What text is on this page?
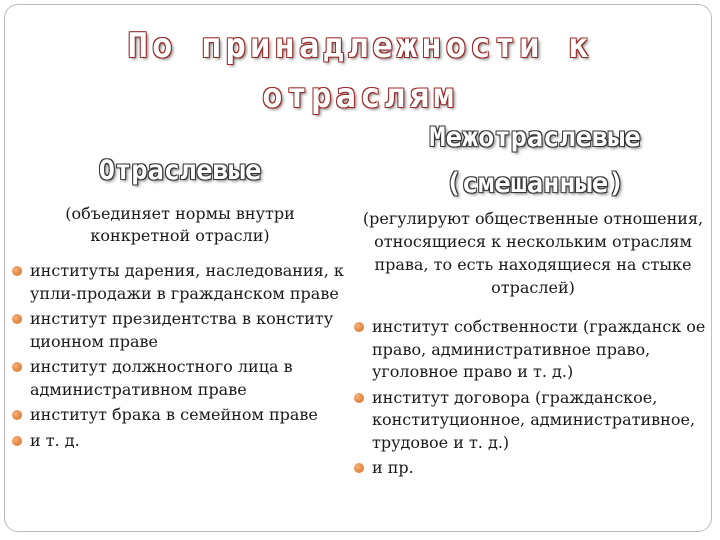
По принадлежности к
отраслям
Отраслевые
Межотраслевые
(смешанные)
(объединяет нормы внутри конкретной отрасли)
(регулируют общественные отношения, относящиеся к нескольким отраслям права, то есть находящиеся на стыке отраслей)
институты дарения, наследования, к упли-продажи в гражданском праве
институт президентства в конститу ционном праве
институт должностного лица в административном праве
институт брака в семейном праве
и т. д.
институт собственности (гражданск ое право, административное право, уголовное право и т. д.)
институт договора (гражданское, конституционное, административное, трудовое и т. д.)
и пр.
